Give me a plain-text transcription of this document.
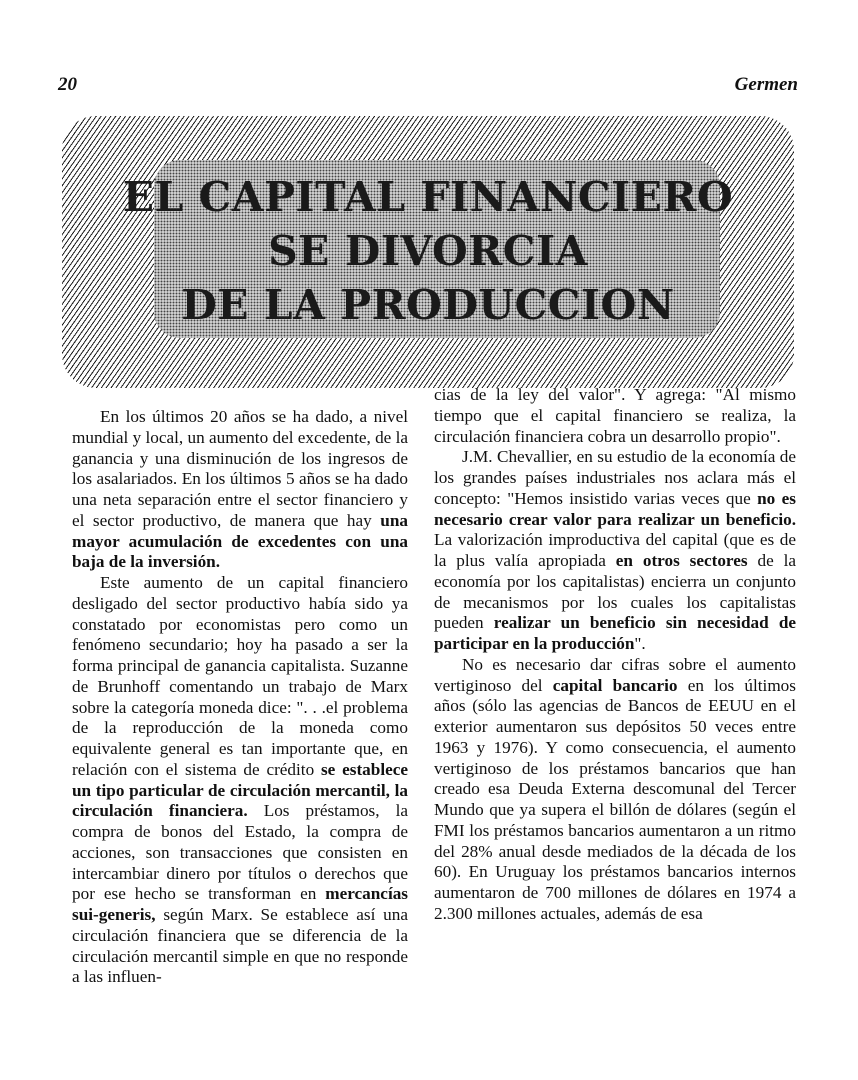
20	Germen
EL CAPITAL FINANCIERO
SE DIVORCIA
DE LA PRODUCCION

En los últimos 20 años se ha dado, a nivel mundial y local, un aumento del excedente, de la ganancia y una disminución de los ingresos de los asalariados. En los últimos 5 años se ha dado una neta separación entre el sector financiero y el sector productivo, de manera que hay una mayor acumulación de excedentes con una baja de la inversión.

Este aumento de un capital financiero desligado del sector productivo había sido ya constatado por economistas pero como un fenómeno secundario; hoy ha pasado a ser la forma principal de ganancia capitalista. Suzanne de Brunhoff comentando un trabajo de Marx sobre la categoría moneda dice: ". . .el problema de la reproducción de la moneda como equivalente general es tan importante que, en relación con el sistema de crédito se establece un tipo particular de circulación mercantil, la circulación financiera. Los préstamos, la compra de bonos del Estado, la compra de acciones, son transacciones que consisten en intercambiar dinero por títulos o derechos que por ese hecho se transforman en mercancías sui-generis, según Marx. Se establece así una circulación financiera que se diferencia de la circulación mercantil simple en que no responde a las influen-

cias de la ley del valor". Y agrega: "Al mismo tiempo que el capital financiero se realiza, la circulación financiera cobra un desarrollo propio".

J.M. Chevallier, en su estudio de la economía de los grandes países industriales nos aclara más el concepto: "Hemos insistido varias veces que no es necesario crear valor para realizar un beneficio. La valorización improductiva del capital (que es de la plus valía apropiada en otros sectores de la economía por los capitalistas) encierra un conjunto de mecanismos por los cuales los capitalistas pueden realizar un beneficio sin necesidad de participar en la producción".

No es necesario dar cifras sobre el aumento vertiginoso del capital bancario en los últimos años (sólo las agencias de Bancos de EEUU en el exterior aumentaron sus depósitos 50 veces entre 1963 y 1976). Y como consecuencia, el aumento vertiginoso de los préstamos bancarios que han creado esa Deuda Externa descomunal del Tercer Mundo que ya supera el billón de dólares (según el FMI los préstamos bancarios aumentaron a un ritmo del 28% anual desde mediados de la década de los 60). En Uruguay los préstamos bancarios internos aumentaron de 700 millones de dólares en 1974 a 2.300 millones actuales, además de esa
